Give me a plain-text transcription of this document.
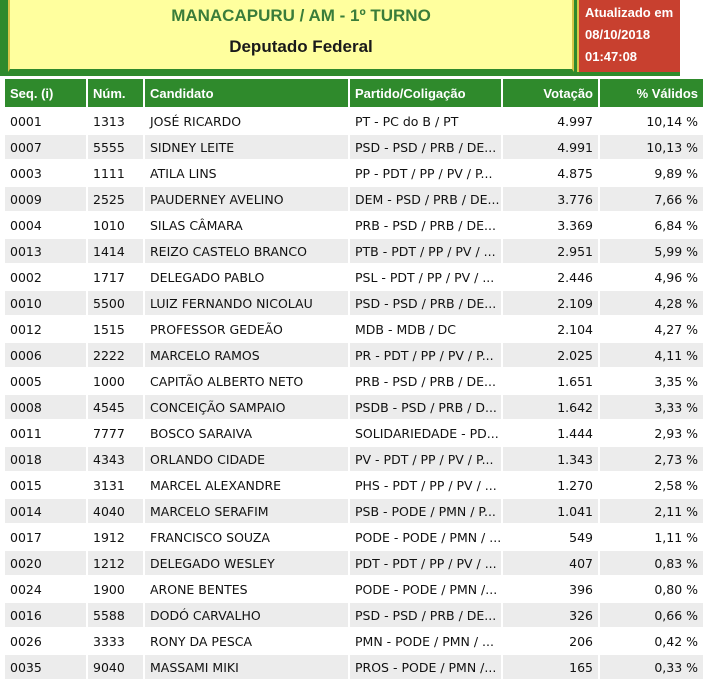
MANACAPURU / AM - 1º TURNO
Deputado Federal
Atualizado em
08/10/2018
01:47:08
Seq. (i)	Núm.	Candidato	Partido/Coligação	Votação	% Válidos
0001	1313	JOSÉ RICARDO	PT - PC do B / PT	4.997	10,14 %
0007	5555	SIDNEY LEITE	PSD - PSD / PRB / DE...	4.991	10,13 %
0003	1111	ATILA LINS	PP - PDT / PP / PV / P...	4.875	9,89 %
0009	2525	PAUDERNEY AVELINO	DEM - PSD / PRB / DE...	3.776	7,66 %
0004	1010	SILAS CÂMARA	PRB - PSD / PRB / DE...	3.369	6,84 %
0013	1414	REIZO CASTELO BRANCO	PTB - PDT / PP / PV / ...	2.951	5,99 %
0002	1717	DELEGADO PABLO	PSL - PDT / PP / PV / ...	2.446	4,96 %
0010	5500	LUIZ FERNANDO NICOLAU	PSD - PSD / PRB / DE...	2.109	4,28 %
0012	1515	PROFESSOR GEDEÃO	MDB - MDB / DC	2.104	4,27 %
0006	2222	MARCELO RAMOS	PR - PDT / PP / PV / P...	2.025	4,11 %
0005	1000	CAPITÃO ALBERTO NETO	PRB - PSD / PRB / DE...	1.651	3,35 %
0008	4545	CONCEIÇÃO SAMPAIO	PSDB - PSD / PRB / D...	1.642	3,33 %
0011	7777	BOSCO SARAIVA	SOLIDARIEDADE - PD...	1.444	2,93 %
0018	4343	ORLANDO CIDADE	PV - PDT / PP / PV / P...	1.343	2,73 %
0015	3131	MARCEL ALEXANDRE	PHS - PDT / PP / PV / ...	1.270	2,58 %
0014	4040	MARCELO SERAFIM	PSB - PODE / PMN / P...	1.041	2,11 %
0017	1912	FRANCISCO SOUZA	PODE - PODE / PMN / ...	549	1,11 %
0020	1212	DELEGADO WESLEY	PDT - PDT / PP / PV / ...	407	0,83 %
0024	1900	ARONE BENTES	PODE - PODE / PMN /...	396	0,80 %
0016	5588	DODÓ CARVALHO	PSD - PSD / PRB / DE...	326	0,66 %
0026	3333	RONY DA PESCA	PMN - PODE / PMN / ...	206	0,42 %
0035	9040	MASSAMI MIKI	PROS - PODE / PMN /...	165	0,33 %
